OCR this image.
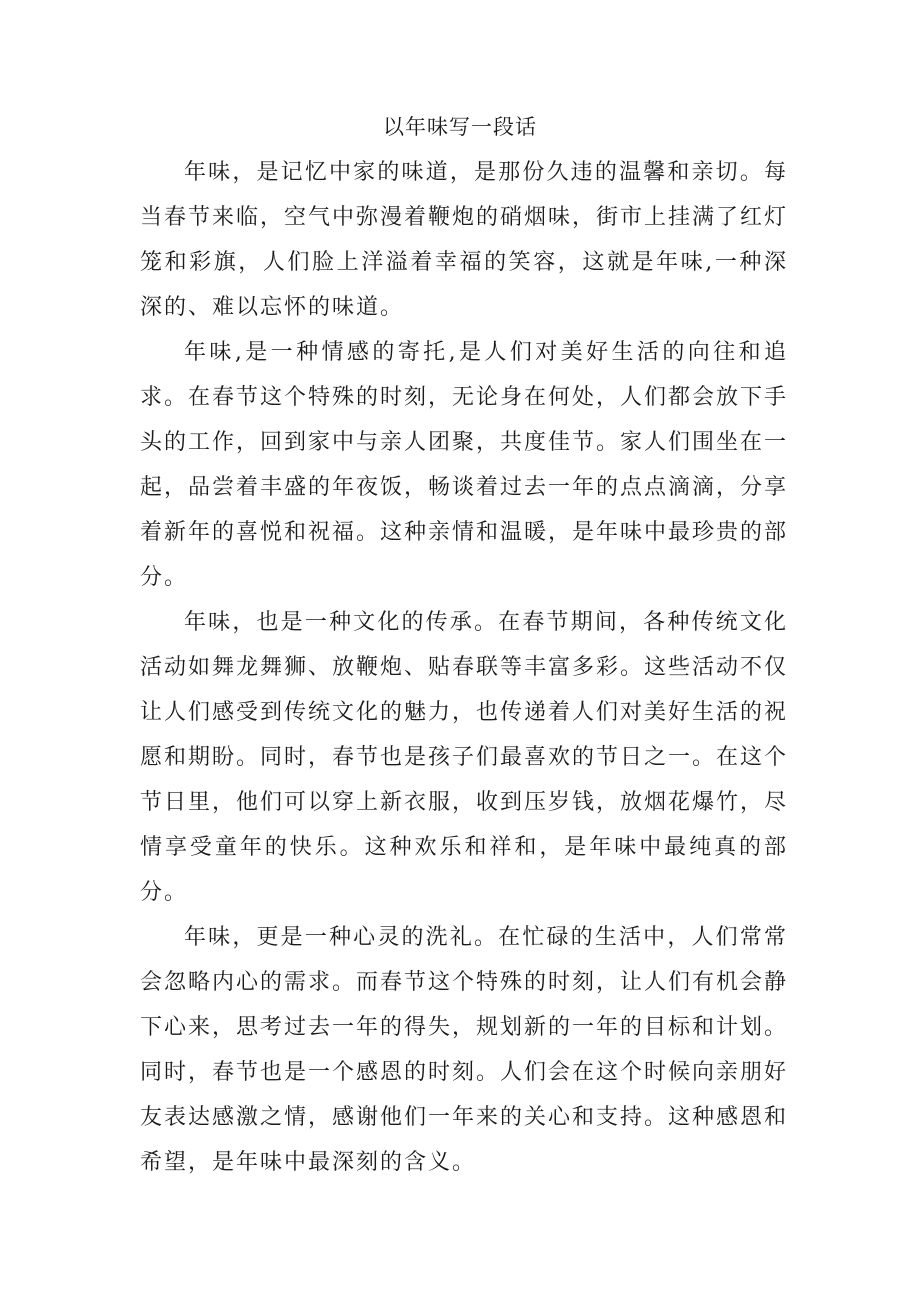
以年味写一段话

年味，是记忆中家的味道，是那份久违的温馨和亲切。每当春节来临，空气中弥漫着鞭炮的硝烟味，街市上挂满了红灯笼和彩旗，人们脸上洋溢着幸福的笑容，这就是年味,一种深深的、难以忘怀的味道。

年味,是一种情感的寄托,是人们对美好生活的向往和追求。在春节这个特殊的时刻，无论身在何处，人们都会放下手头的工作，回到家中与亲人团聚，共度佳节。家人们围坐在一起，品尝着丰盛的年夜饭，畅谈着过去一年的点点滴滴，分享着新年的喜悦和祝福。这种亲情和温暖，是年味中最珍贵的部分。

年味，也是一种文化的传承。在春节期间，各种传统文化活动如舞龙舞狮、放鞭炮、贴春联等丰富多彩。这些活动不仅让人们感受到传统文化的魅力，也传递着人们对美好生活的祝愿和期盼。同时，春节也是孩子们最喜欢的节日之一。在这个节日里，他们可以穿上新衣服，收到压岁钱，放烟花爆竹，尽情享受童年的快乐。这种欢乐和祥和，是年味中最纯真的部分。

年味，更是一种心灵的洗礼。在忙碌的生活中，人们常常会忽略内心的需求。而春节这个特殊的时刻，让人们有机会静下心来，思考过去一年的得失，规划新的一年的目标和计划。同时，春节也是一个感恩的时刻。人们会在这个时候向亲朋好友表达感激之情，感谢他们一年来的关心和支持。这种感恩和希望，是年味中最深刻的含义。
